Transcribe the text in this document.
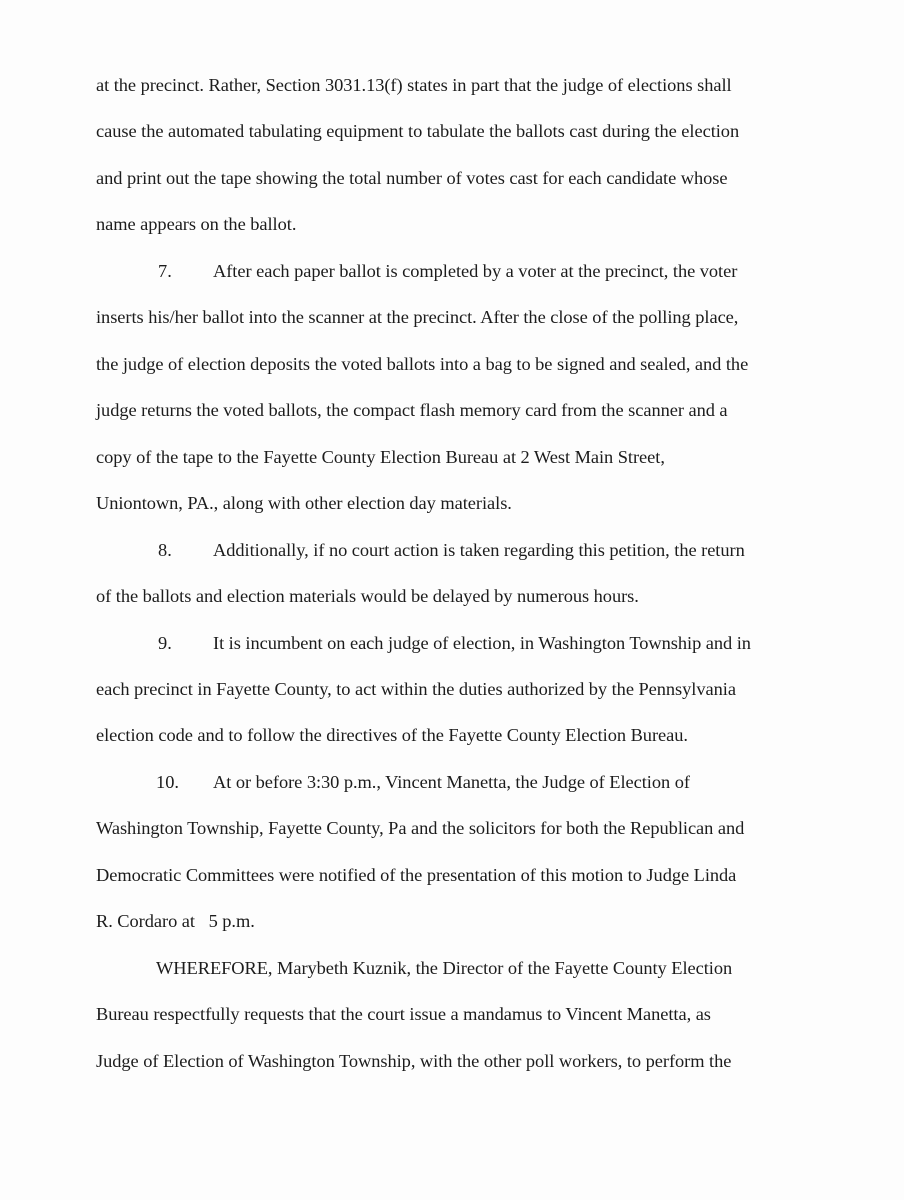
at the precinct. Rather, Section 3031.13(f) states in part that the judge of elections shall
cause the automated tabulating equipment to tabulate the ballots cast during the election
and print out the tape showing the total number of votes cast for each candidate whose
name appears on the ballot.
7. After each paper ballot is completed by a voter at the precinct, the voter
inserts his/her ballot into the scanner at the precinct. After the close of the polling place,
the judge of election deposits the voted ballots into a bag to be signed and sealed, and the
judge returns the voted ballots, the compact flash memory card from the scanner and a
copy of the tape to the Fayette County Election Bureau at 2 West Main Street,
Uniontown, PA., along with other election day materials.
8. Additionally, if no court action is taken regarding this petition, the return
of the ballots and election materials would be delayed by numerous hours.
9. It is incumbent on each judge of election, in Washington Township and in
each precinct in Fayette County, to act within the duties authorized by the Pennsylvania
election code and to follow the directives of the Fayette County Election Bureau.
10. At or before 3:30 p.m., Vincent Manetta, the Judge of Election of
Washington Township, Fayette County, Pa and the solicitors for both the Republican and
Democratic Committees were notified of the presentation of this motion to Judge Linda
R. Cordaro at   5 p.m.
WHEREFORE, Marybeth Kuznik, the Director of the Fayette County Election
Bureau respectfully requests that the court issue a mandamus to Vincent Manetta, as
Judge of Election of Washington Township, with the other poll workers, to perform the
